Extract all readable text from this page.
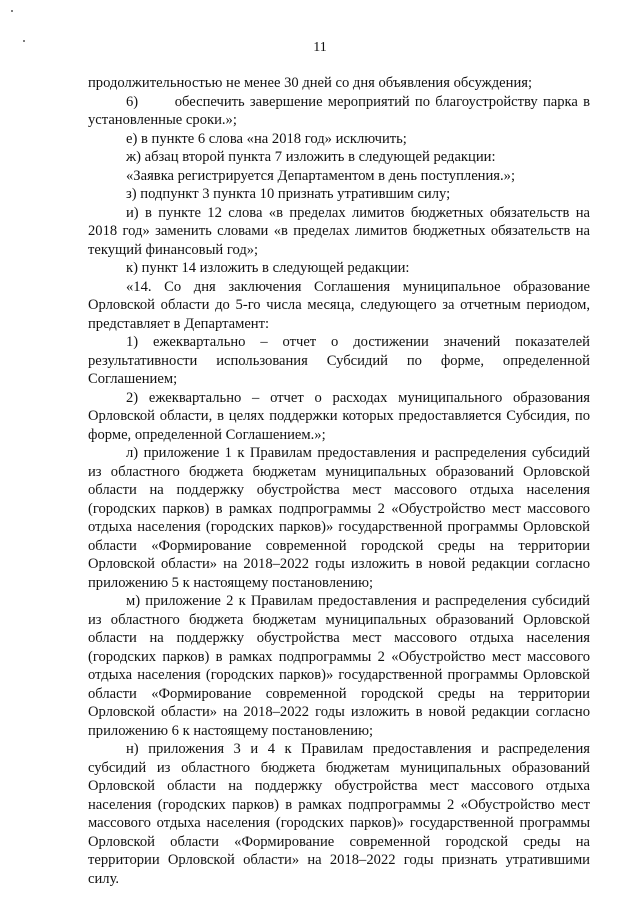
11

продолжительностью не менее 30 дней со дня объявления обсуждения;

6)       обеспечить завершение мероприятий по благоустройству парка в установленные сроки.»;

е) в пункте 6 слова «на 2018 год» исключить;

ж) абзац второй пункта 7 изложить в следующей редакции:

«Заявка регистрируется Департаментом в день поступления.»;

з) подпункт 3 пункта 10 признать утратившим силу;

и) в пункте 12 слова «в пределах лимитов бюджетных обязательств на 2018 год» заменить словами «в пределах лимитов бюджетных обязательств на текущий финансовый год»;

к) пункт 14 изложить в следующей редакции:

«14. Со дня заключения Соглашения муниципальное образование Орловской области до 5-го числа месяца, следующего за отчетным периодом, представляет в Департамент:

1) ежеквартально – отчет о достижении значений показателей результативности использования Субсидий по форме, определенной Соглашением;

2) ежеквартально – отчет о расходах муниципального образования Орловской области, в целях поддержки которых предоставляется Субсидия, по форме, определенной Соглашением.»;

л) приложение 1 к Правилам предоставления и распределения субсидий из областного бюджета бюджетам муниципальных образований Орловской области на поддержку обустройства мест массового отдыха населения (городских парков) в рамках подпрограммы 2 «Обустройство мест массового отдыха населения (городских парков)» государственной программы Орловской области «Формирование современной городской среды на территории Орловской области» на 2018–2022 годы изложить в новой редакции согласно приложению 5 к настоящему постановлению;

м) приложение 2 к Правилам предоставления и распределения субсидий из областного бюджета бюджетам муниципальных образований Орловской области на поддержку обустройства мест массового отдыха населения (городских парков) в рамках подпрограммы 2 «Обустройство мест массового отдыха населения (городских парков)» государственной программы Орловской области «Формирование современной городской среды на территории Орловской области» на 2018–2022 годы изложить в новой редакции согласно приложению 6 к настоящему постановлению;

н) приложения 3 и 4 к Правилам предоставления и распределения субсидий из областного бюджета бюджетам муниципальных образований Орловской области на поддержку обустройства мест массового отдыха населения (городских парков) в рамках подпрограммы 2 «Обустройство мест массового отдыха населения (городских парков)» государственной программы Орловской области «Формирование современной городской среды на территории Орловской области» на 2018–2022 годы признать утратившими силу.
